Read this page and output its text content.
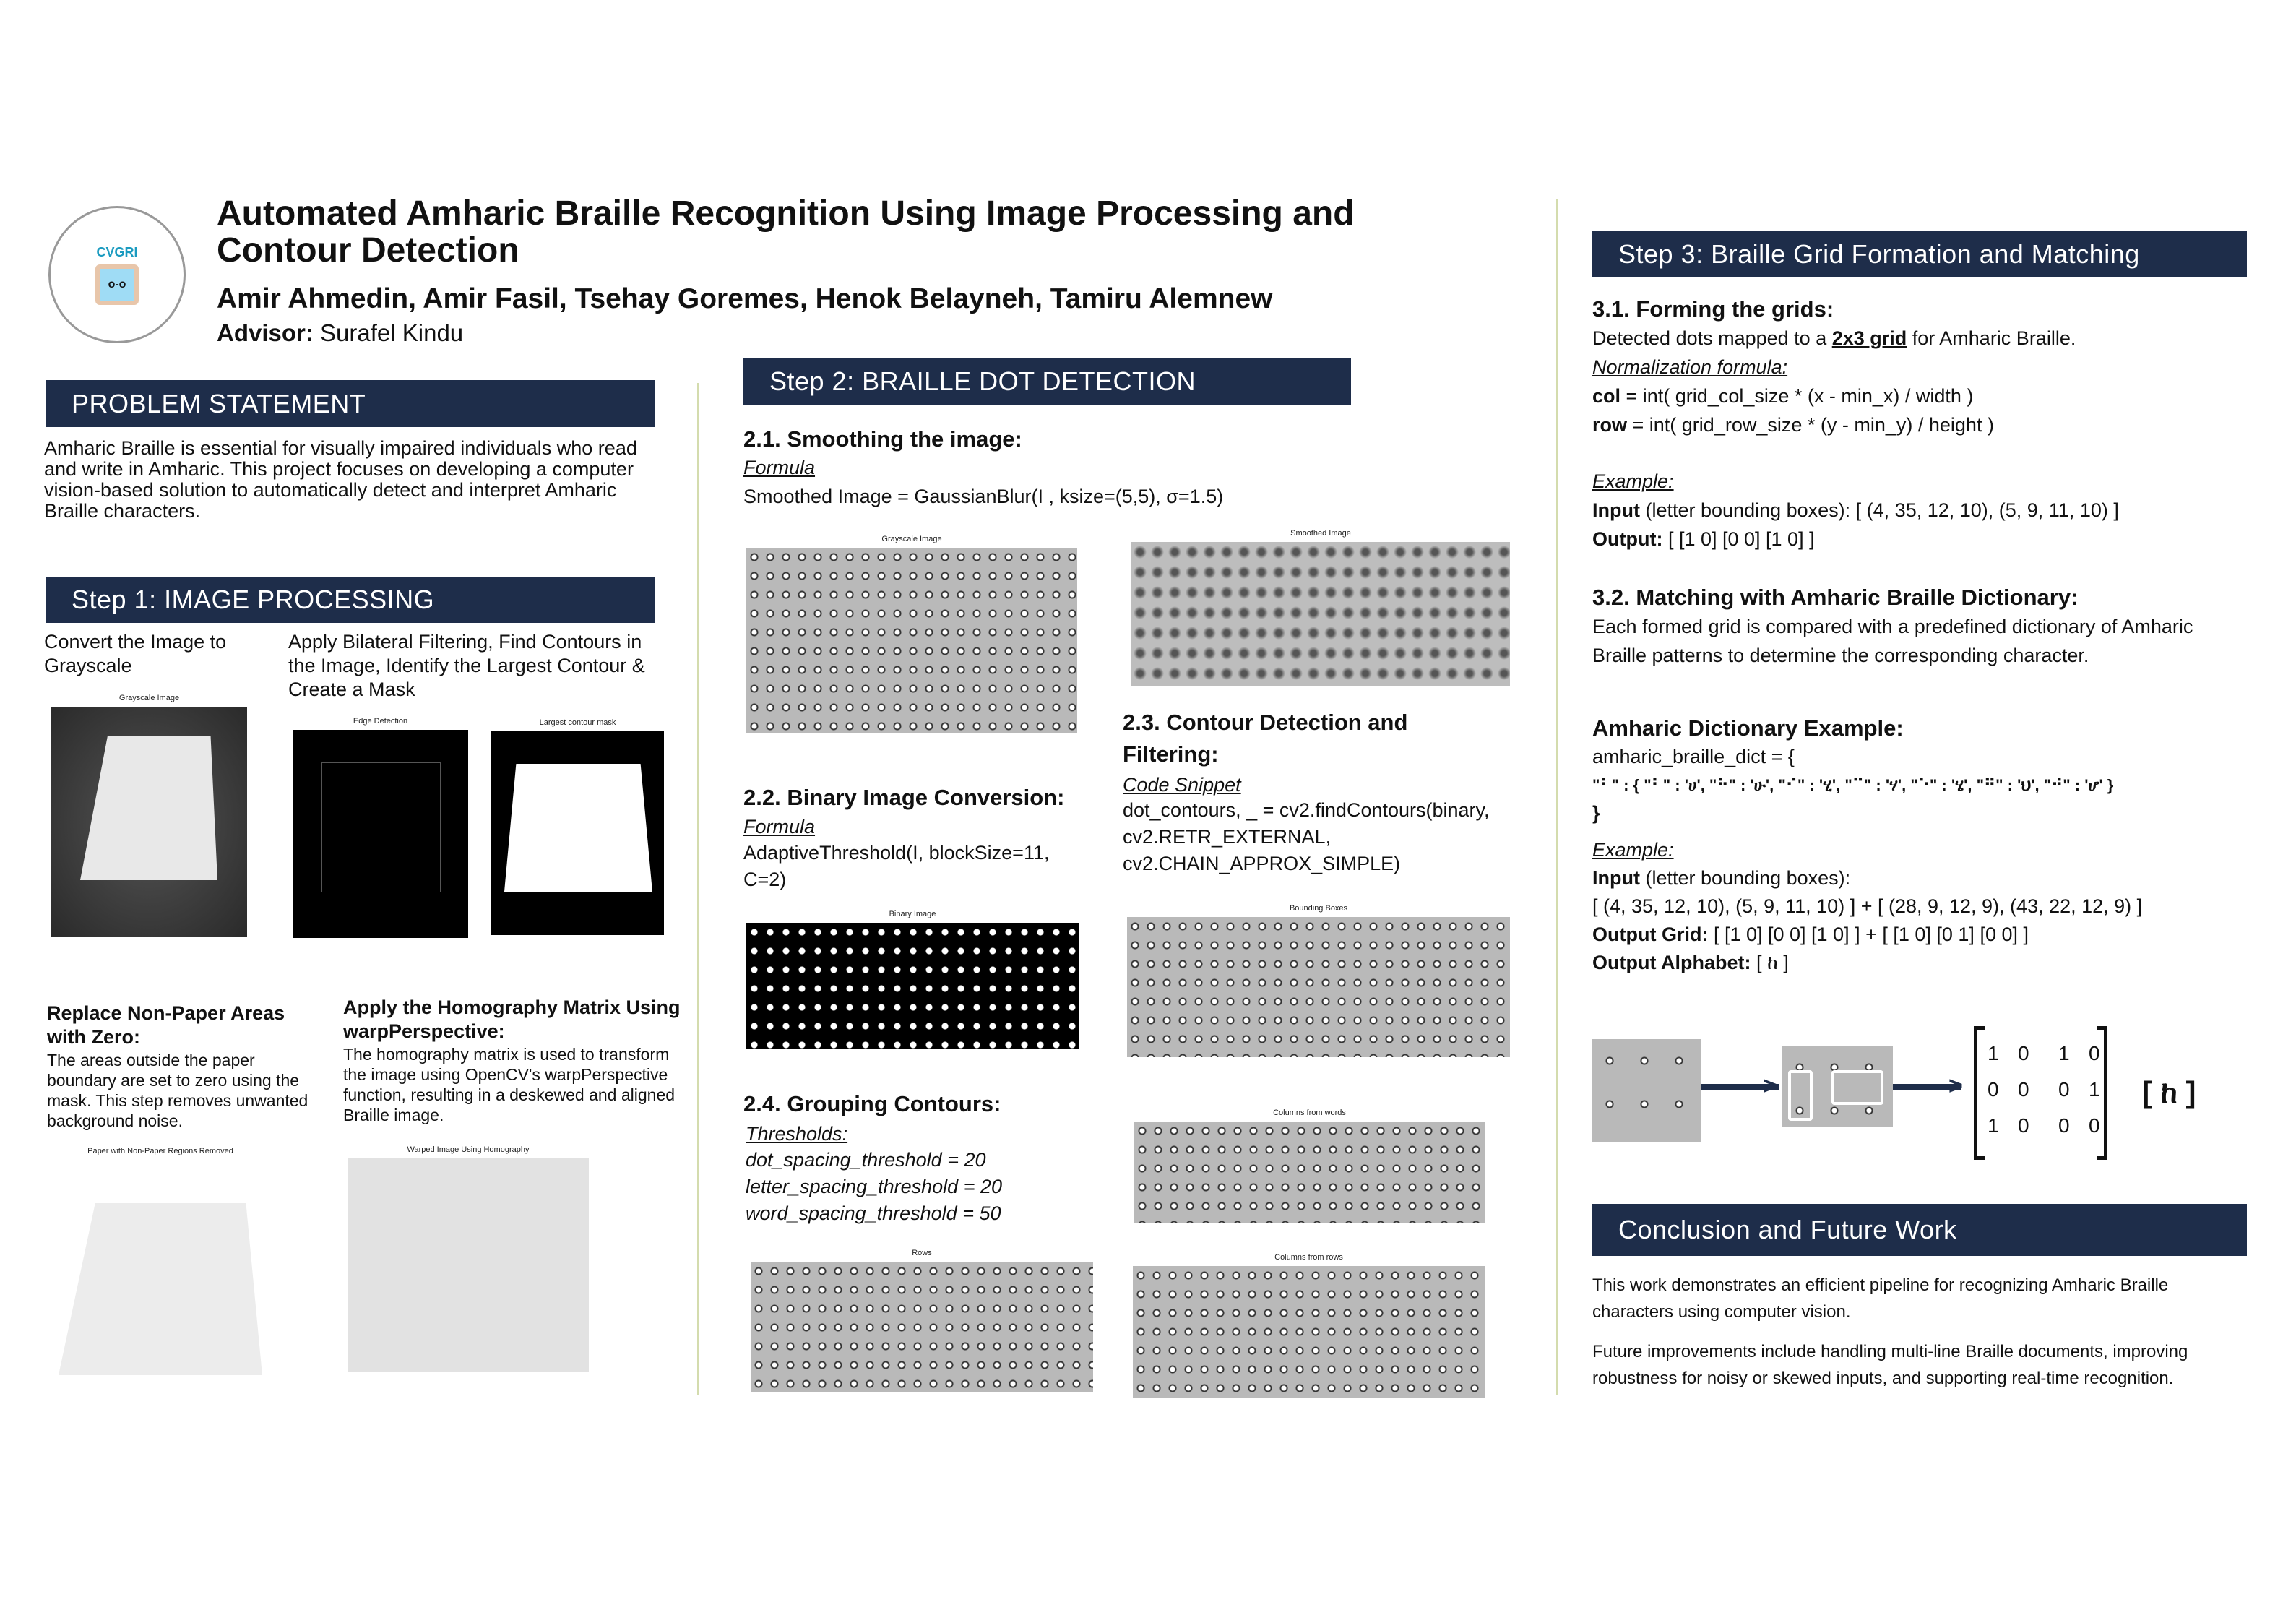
CVGRI
o-o
Automated Amharic Braille Recognition Using Image Processing and Contour Detection
Amir Ahmedin, Amir Fasil, Tsehay Goremes, Henok Belayneh, Tamiru Alemnew
Advisor: Surafel Kindu
PROBLEM STATEMENT
Amharic Braille is essential for visually impaired individuals who read and write in Amharic. This project focuses on developing a computer vision-based solution to automatically detect and interpret Amharic Braille characters.
Step 1: IMAGE PROCESSING
Convert the Image to Grayscale
Apply Bilateral Filtering, Find Contours in the Image, Identify the Largest Contour & Create a Mask
Grayscale Image
Edge Detection	Largest contour mask
Replace Non-Paper Areas with Zero:
The areas outside the paper boundary are set to zero using the mask. This step removes unwanted background noise.
Apply the Homography Matrix Using warpPerspective:
The homography matrix is used to transform the image using OpenCV's warpPerspective function, resulting in a deskewed and aligned Braille image.
Paper with Non-Paper Regions Removed	Warped Image Using Homography
Step 2: BRAILLE DOT DETECTION
2.1. Smoothing the image:
Formula
Smoothed Image = GaussianBlur(I , ksize=(5,5), σ=1.5)
Grayscale Image
Smoothed Image
2.3. Contour Detection and Filtering:
Code Snippet
dot_contours, _ = cv2.findContours(binary,
cv2.RETR_EXTERNAL,
cv2.CHAIN_APPROX_SIMPLE)
2.2. Binary Image Conversion:
Formula
AdaptiveThreshold(I, blockSize=11, C=2)
Binary Image
Bounding Boxes
2.4. Grouping Contours:
Thresholds:
dot_spacing_threshold = 20
letter_spacing_threshold = 20
word_spacing_threshold = 50
Columns from words
Rows	Columns from rows
Step 3: Braille Grid Formation and Matching
3.1. Forming the grids:
Detected dots mapped to a 2x3 grid for Amharic Braille.
Normalization formula:
col = int( grid_col_size * (x - min_x) / width )
row = int( grid_row_size * (y - min_y) / height )
Example:
Input (letter bounding boxes): [ (4, 35, 12, 10), (5, 9, 11, 10) ]
Output: [ [1 0] [0 0] [1 0] ]
3.2. Matching with Amharic Braille Dictionary:
Each formed grid is compared with a predefined dictionary of Amharic Braille patterns to determine the corresponding character.
Amharic Dictionary Example:
amharic_braille_dict = {
"⠃" : { "⠃" : 'ሀ', "⠓" : 'ሁ', "⠊" : 'ሂ', "⠉" : 'ሃ', "⠑" : 'ሄ', "⠛" : 'ህ', "⠚" : 'ሆ' }
}
Example:
Input (letter bounding boxes):
[ (4, 35, 12, 10), (5, 9, 11, 10) ] + [ (28, 9, 12, 9), (43, 22, 12, 9) ]
Output Grid: [ [1 0] [0 0] [1 0] ] + [ [1 0] [0 1] [0 0] ]
Output Alphabet: [ ከ ]
>	>
1 0	1 0
0 0	0 1
1 0	0 0
[ ከ ]
Conclusion and Future Work
This work demonstrates an efficient pipeline for recognizing Amharic Braille characters using computer vision.
Future improvements include handling multi-line Braille documents, improving robustness for noisy or skewed inputs, and supporting real-time recognition.
